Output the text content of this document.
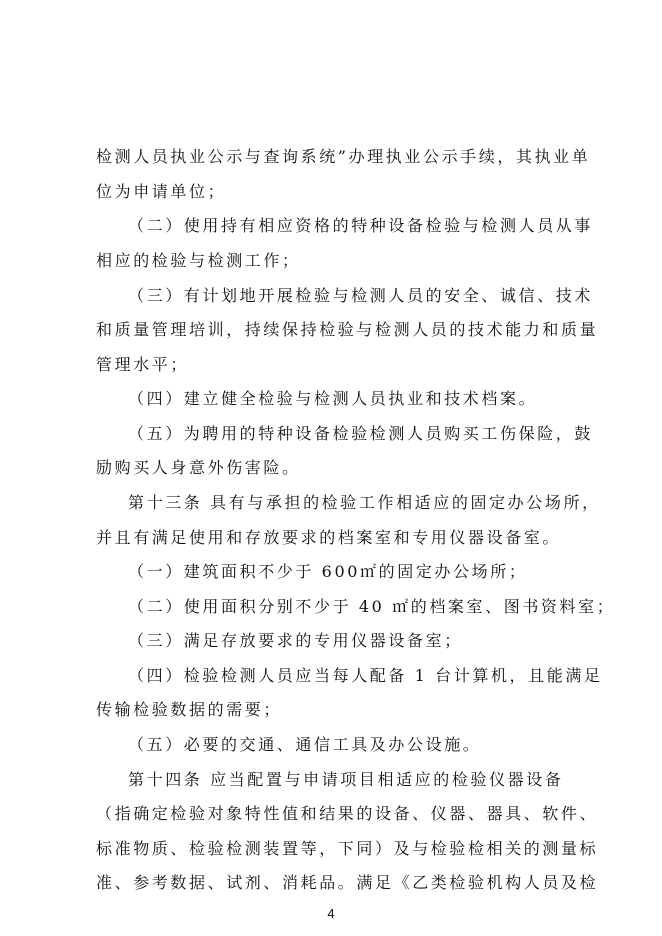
检测人员执业公示与查询系统”办理执业公示手续，其执业单
位为申请单位；
（二）使用持有相应资格的特种设备检验与检测人员从事
相应的检验与检测工作；
（三）有计划地开展检验与检测人员的安全、诚信、技术
和质量管理培训，持续保持检验与检测人员的技术能力和质量
管理水平；
（四）建立健全检验与检测人员执业和技术档案。
（五）为聘用的特种设备检验检测人员购买工伤保险，鼓
励购买人身意外伤害险。
第十三条 具有与承担的检验工作相适应的固定办公场所，
并且有满足使用和存放要求的档案室和专用仪器设备室。
（一）建筑面积不少于 600㎡的固定办公场所；
（二）使用面积分别不少于 40 ㎡的档案室、图书资料室；
（三）满足存放要求的专用仪器设备室；
（四）检验检测人员应当每人配备 1 台计算机，且能满足
传输检验数据的需要；
（五）必要的交通、通信工具及办公设施。
第十四条 应当配置与申请项目相适应的检验仪器设备
（指确定检验对象特性值和结果的设备、仪器、器具、软件、
标准物质、检验检测装置等，下同）及与检验检相关的测量标
准、参考数据、试剂、消耗品。满足《乙类检验机构人员及检
4
